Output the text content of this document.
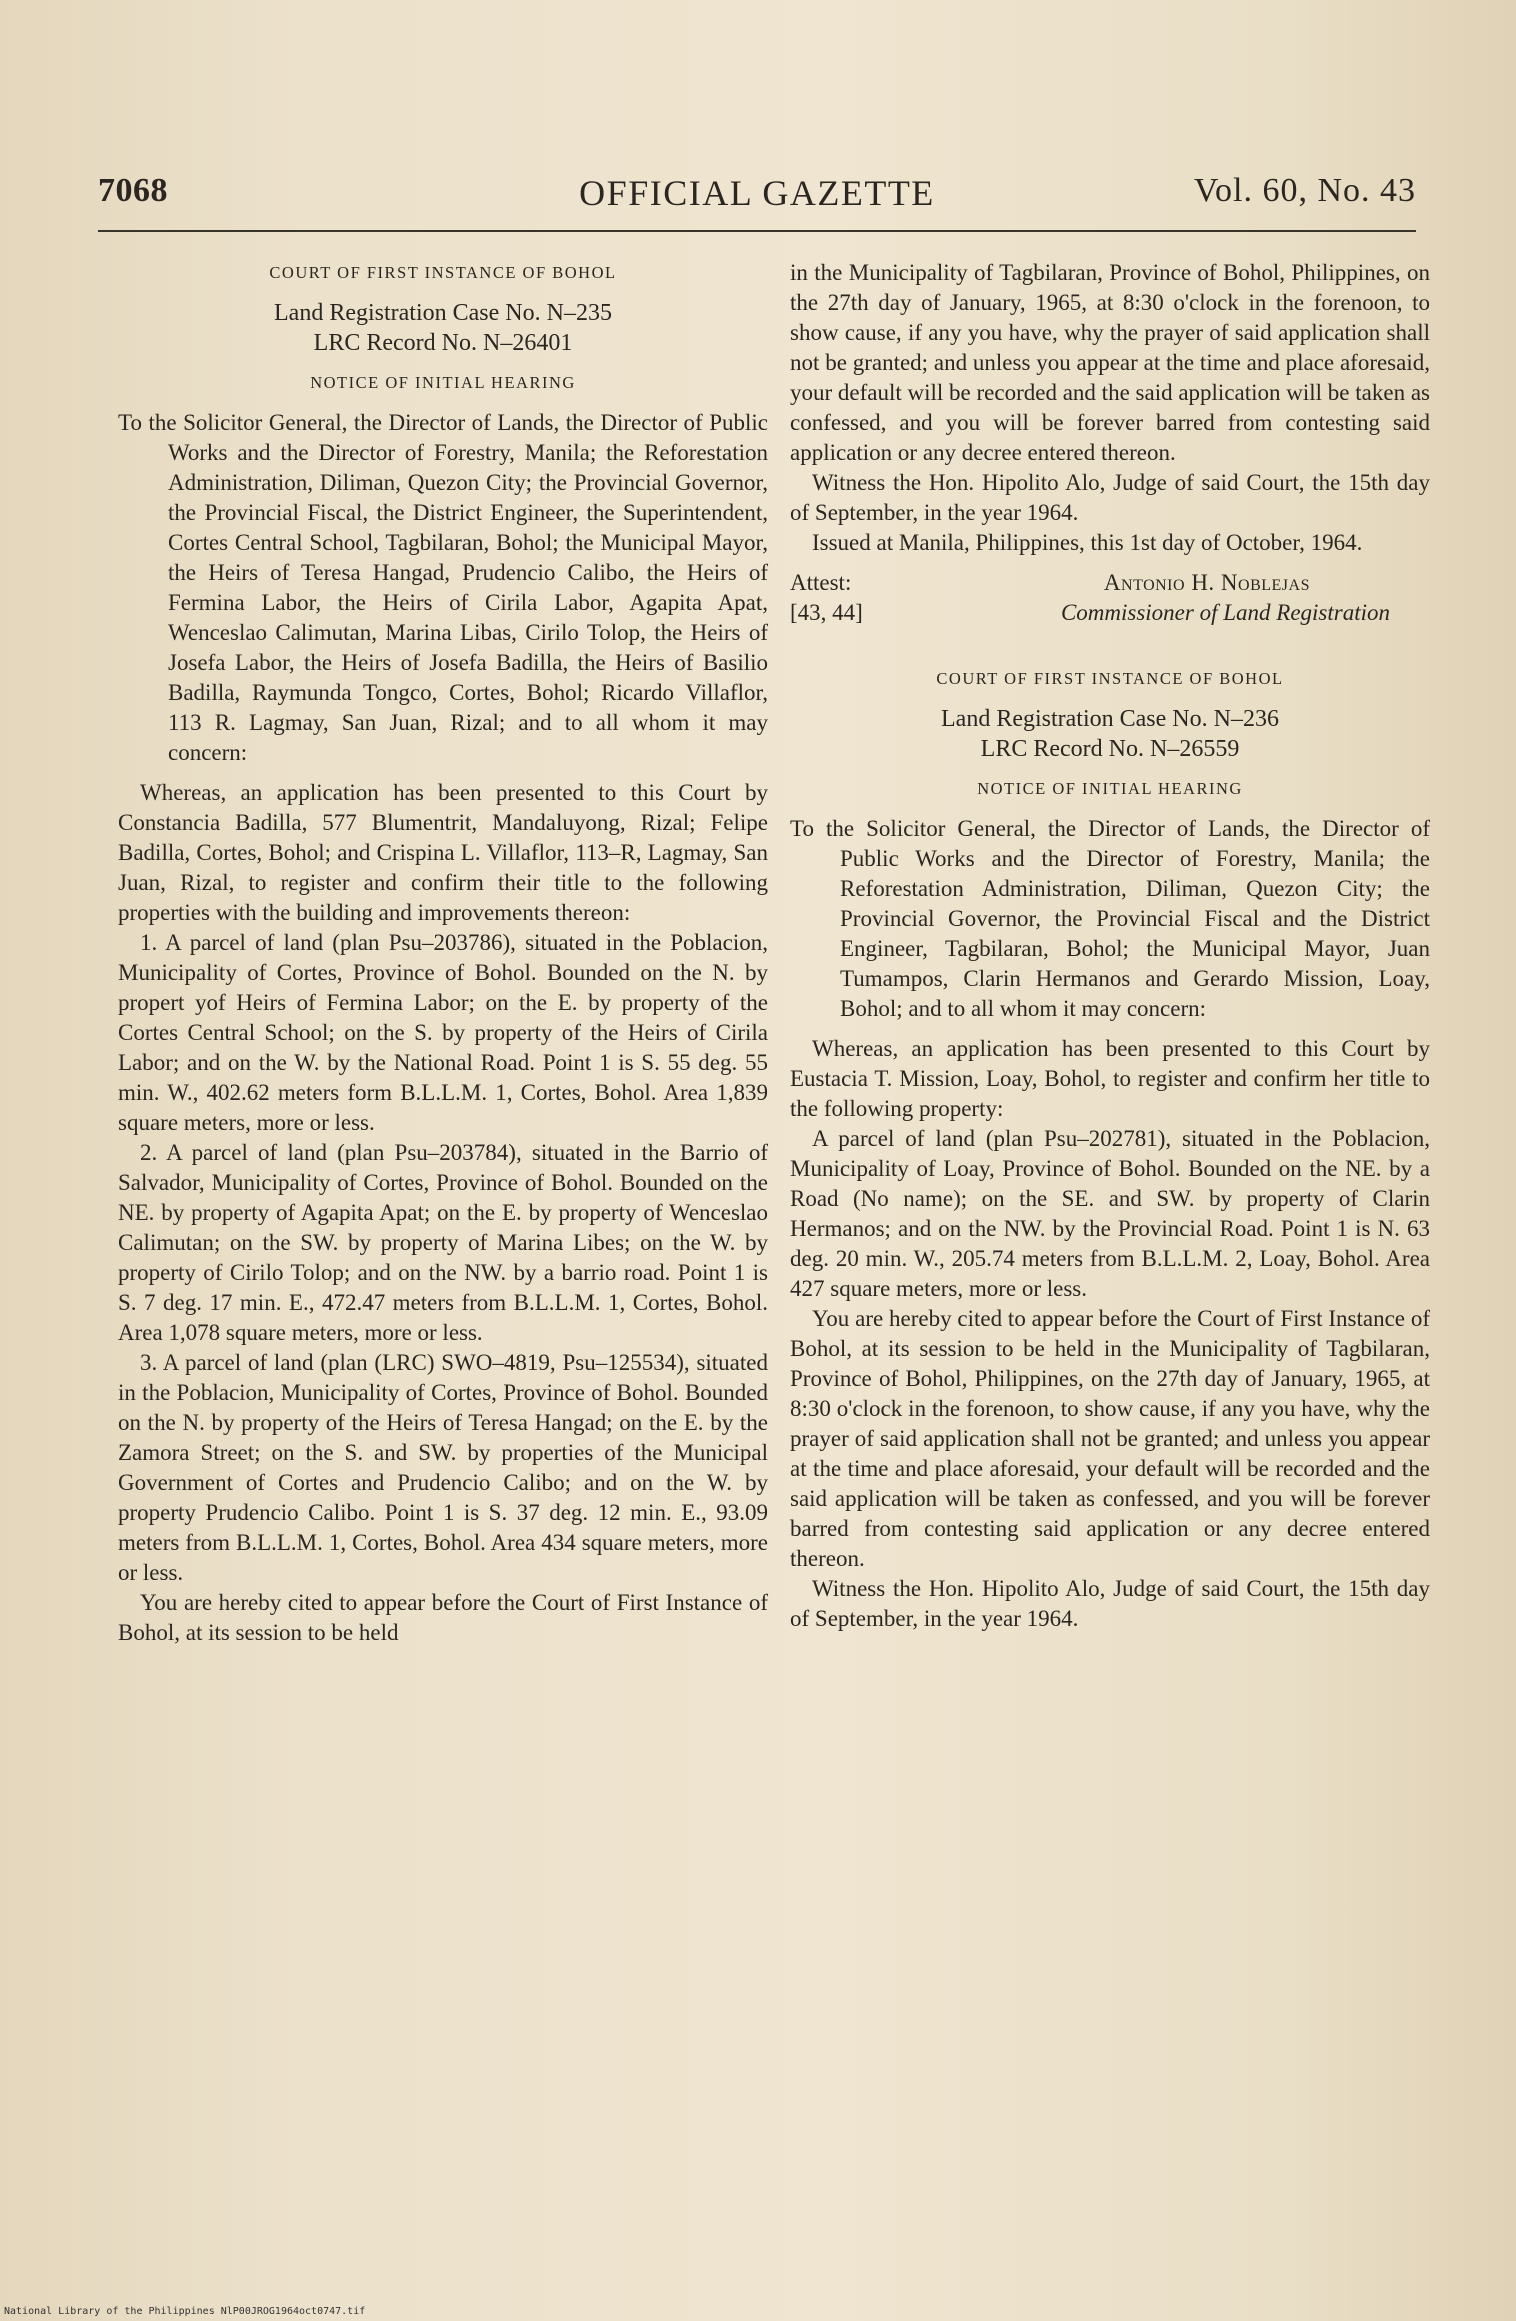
OFFICIAL GAZETTE
7068	Vol. 60, No. 43

COURT OF FIRST INSTANCE OF BOHOL

Land Registration Case No. N–235

LRC Record No. N–26401

NOTICE OF INITIAL HEARING

To the Solicitor General, the Director of Lands, the Director of Public Works and the Director of Forestry, Manila; the Reforestation Administration, Diliman, Quezon City; the Provincial Governor, the Provincial Fiscal, the District Engineer, the Superintendent, Cortes Central School, Tagbilaran, Bohol; the Municipal Mayor, the Heirs of Teresa Hangad, Prudencio Calibo, the Heirs of Fermina Labor, the Heirs of Cirila Labor, Agapita Apat, Wenceslao Calimutan, Marina Libas, Cirilo Tolop, the Heirs of Josefa Labor, the Heirs of Josefa Badilla, the Heirs of Basilio Badilla, Raymunda Tongco, Cortes, Bohol; Ricardo Villaflor, 113 R. Lagmay, San Juan, Rizal; and to all whom it may concern:

Whereas, an application has been presented to this Court by Constancia Badilla, 577 Blumentrit, Mandaluyong, Rizal; Felipe Badilla, Cortes, Bohol; and Crispina L. Villaflor, 113–R, Lagmay, San Juan, Rizal, to register and confirm their title to the following properties with the building and improvements thereon:

1. A parcel of land (plan Psu–203786), situated in the Poblacion, Municipality of Cortes, Province of Bohol. Bounded on the N. by propert yof Heirs of Fermina Labor; on the E. by property of the Cortes Central School; on the S. by property of the Heirs of Cirila Labor; and on the W. by the National Road. Point 1 is S. 55 deg. 55 min. W., 402.62 meters form B.L.L.M. 1, Cortes, Bohol. Area 1,839 square meters, more or less.

2. A parcel of land (plan Psu–203784), situated in the Barrio of Salvador, Municipality of Cortes, Province of Bohol. Bounded on the NE. by property of Agapita Apat; on the E. by property of Wenceslao Calimutan; on the SW. by property of Marina Libes; on the W. by property of Cirilo Tolop; and on the NW. by a barrio road. Point 1 is S. 7 deg. 17 min. E., 472.47 meters from B.L.L.M. 1, Cortes, Bohol. Area 1,078 square meters, more or less.

3. A parcel of land (plan (LRC) SWO–4819, Psu–125534), situated in the Poblacion, Municipality of Cortes, Province of Bohol. Bounded on the N. by property of the Heirs of Teresa Hangad; on the E. by the Zamora Street; on the S. and SW. by properties of the Municipal Government of Cortes and Prudencio Calibo; and on the W. by property Prudencio Calibo. Point 1 is S. 37 deg. 12 min. E., 93.09 meters from B.L.L.M. 1, Cortes, Bohol. Area 434 square meters, more or less.

You are hereby cited to appear before the Court of First Instance of Bohol, at its session to be held

in the Municipality of Tagbilaran, Province of Bohol, Philippines, on the 27th day of January, 1965, at 8:30 o'clock in the forenoon, to show cause, if any you have, why the prayer of said application shall not be granted; and unless you appear at the time and place aforesaid, your default will be recorded and the said application will be taken as confessed, and you will be forever barred from contesting said application or any decree entered thereon.

Witness the Hon. Hipolito Alo, Judge of said Court, the 15th day of September, in the year 1964.

Issued at Manila, Philippines, this 1st day of October, 1964.

Attest:	Antonio H. Noblejas
[43, 44]	Commissioner of Land Registration

COURT OF FIRST INSTANCE OF BOHOL

Land Registration Case No. N–236

LRC Record No. N–26559

NOTICE OF INITIAL HEARING

To the Solicitor General, the Director of Lands, the Director of Public Works and the Director of Forestry, Manila; the Reforestation Administration, Diliman, Quezon City; the Provincial Governor, the Provincial Fiscal and the District Engineer, Tagbilaran, Bohol; the Municipal Mayor, Juan Tumampos, Clarin Hermanos and Gerardo Mission, Loay, Bohol; and to all whom it may concern:

Whereas, an application has been presented to this Court by Eustacia T. Mission, Loay, Bohol, to register and confirm her title to the following property:

A parcel of land (plan Psu–202781), situated in the Poblacion, Municipality of Loay, Province of Bohol. Bounded on the NE. by a Road (No name); on the SE. and SW. by property of Clarin Hermanos; and on the NW. by the Provincial Road. Point 1 is N. 63 deg. 20 min. W., 205.74 meters from B.L.L.M. 2, Loay, Bohol. Area 427 square meters, more or less.

You are hereby cited to appear before the Court of First Instance of Bohol, at its session to be held in the Municipality of Tagbilaran, Province of Bohol, Philippines, on the 27th day of January, 1965, at 8:30 o'clock in the forenoon, to show cause, if any you have, why the prayer of said application shall not be granted; and unless you appear at the time and place aforesaid, your default will be recorded and the said application will be taken as confessed, and you will be forever barred from contesting said application or any decree entered thereon.

Witness the Hon. Hipolito Alo, Judge of said Court, the 15th day of September, in the year 1964.

National Library of the Philippines NlP00JROG1964oct0747.tif
